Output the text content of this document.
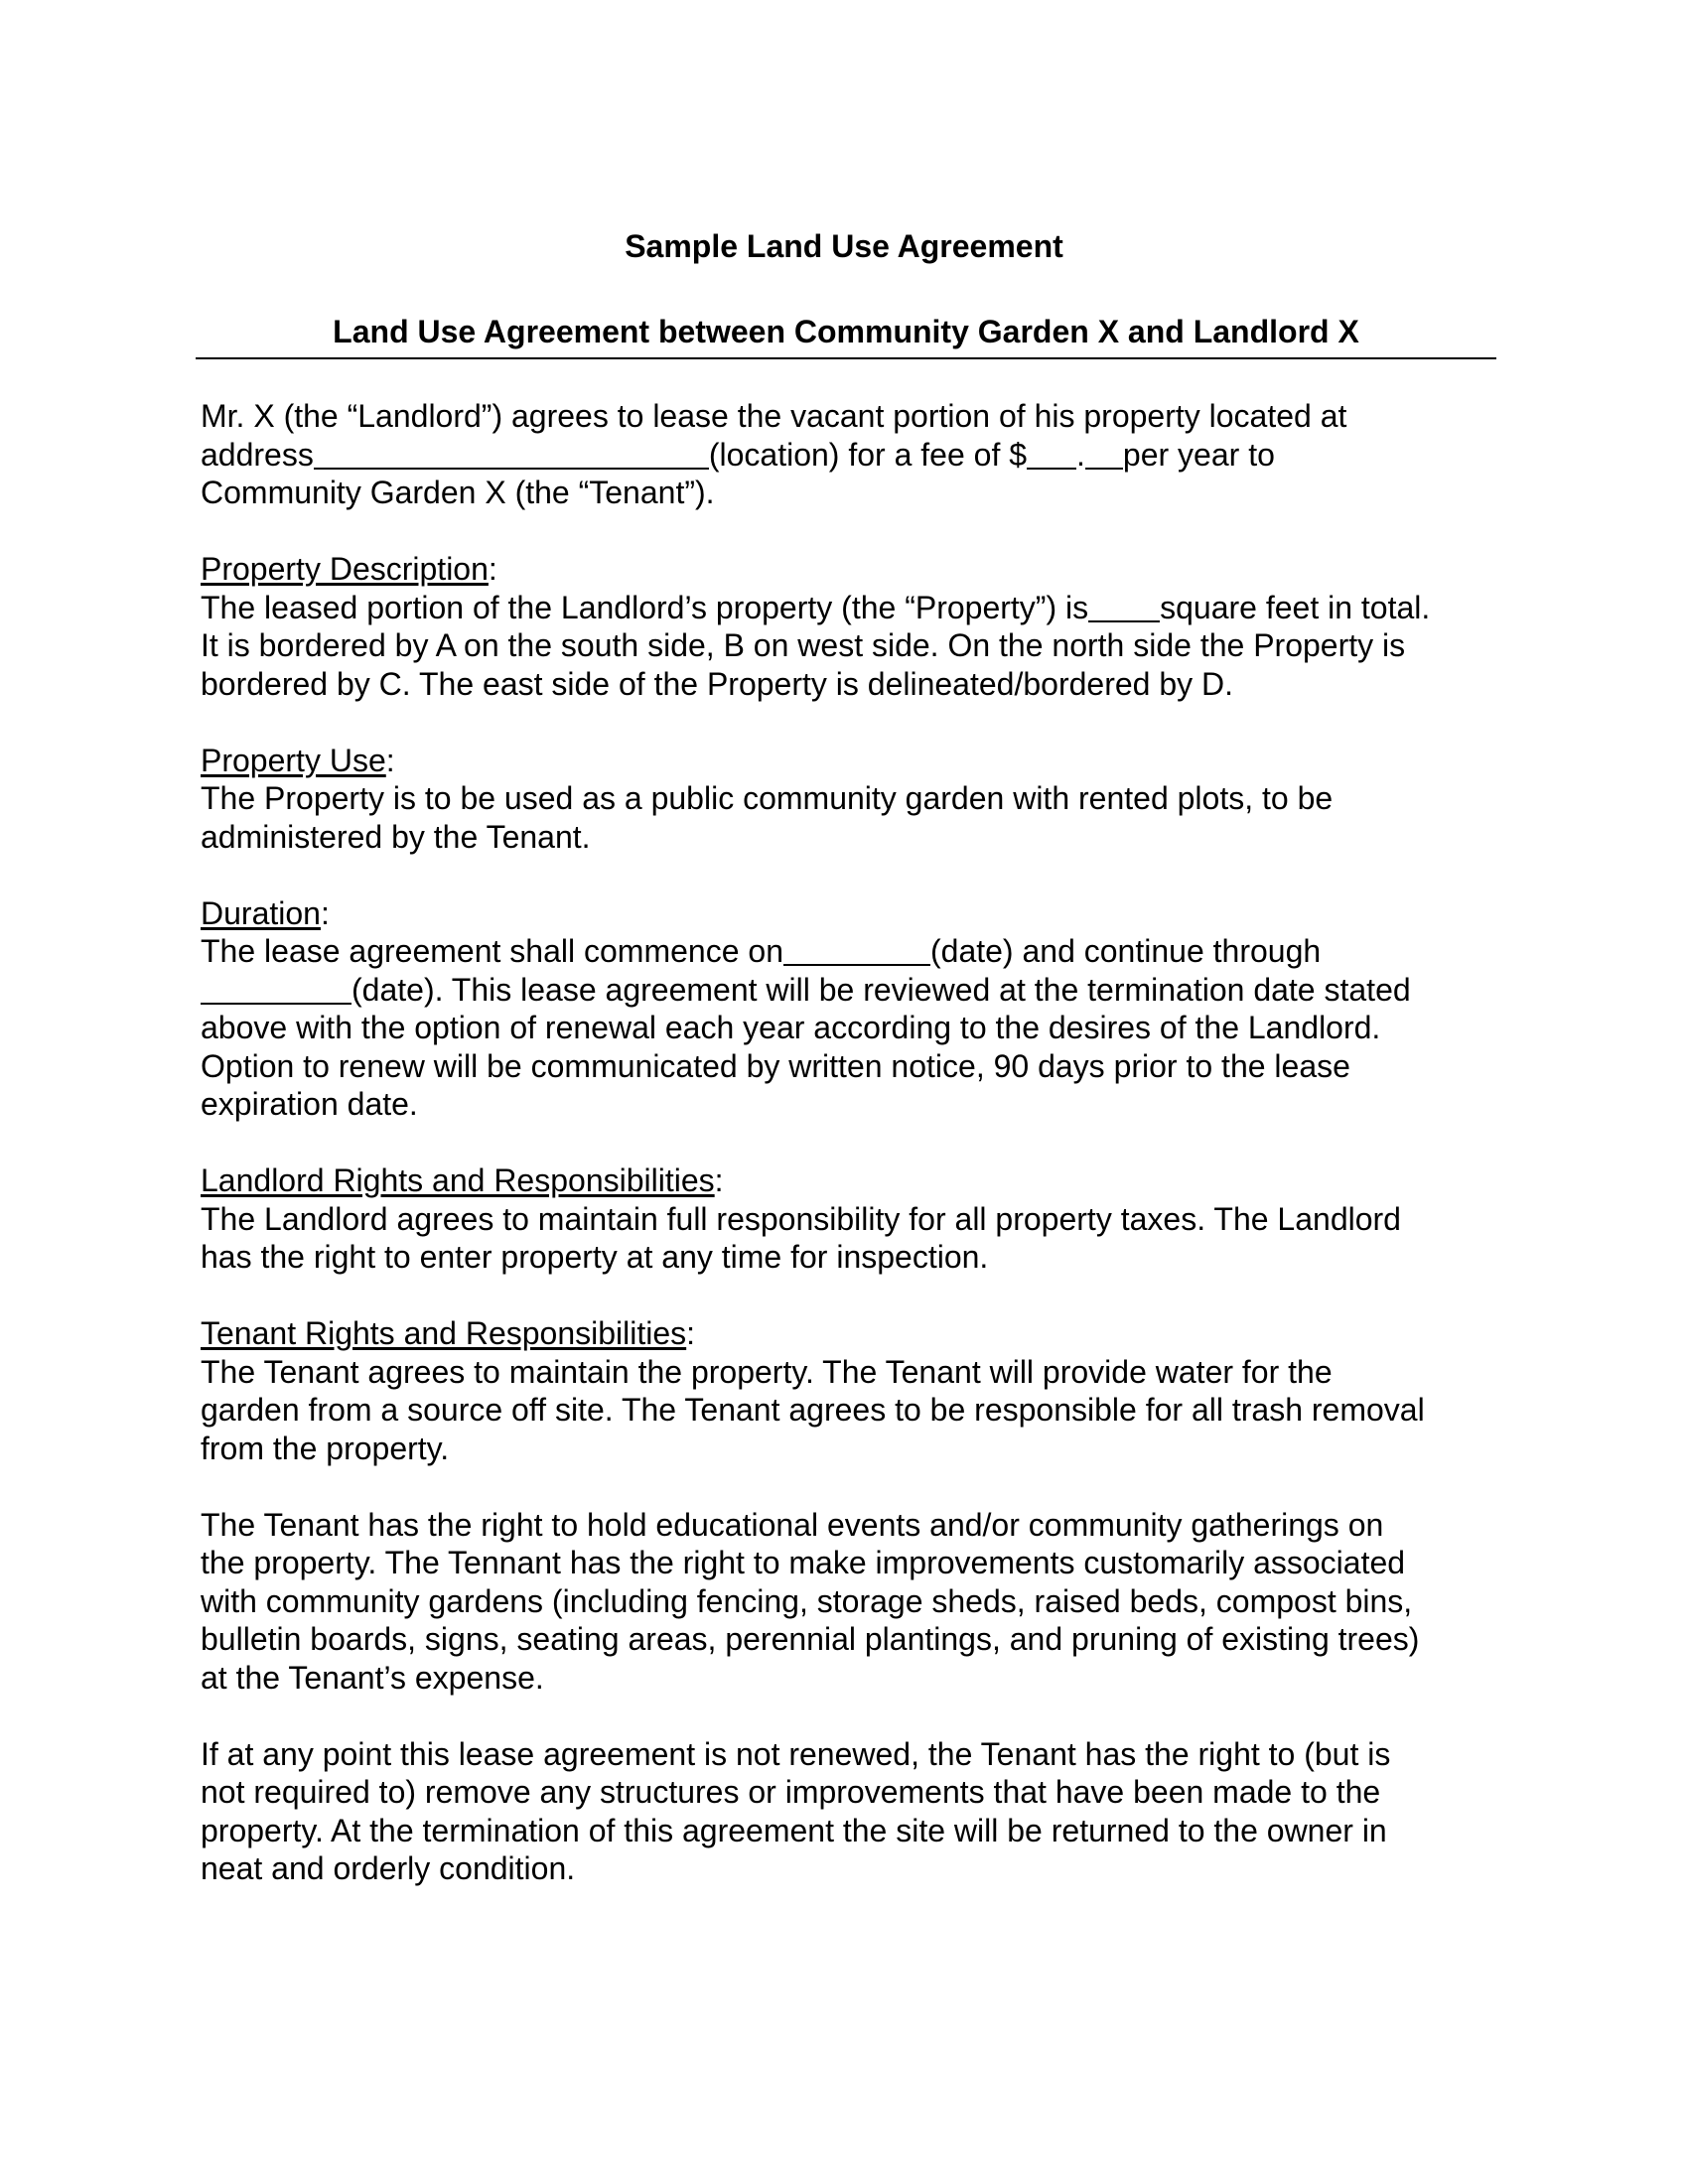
Sample Land Use Agreement
Land Use Agreement between Community Garden X and Landlord X

Mr. X (the “Landlord”) agrees to lease the vacant portion of his property located at
address	(location) for a fee of $ . per year to
Community Garden X (the “Tenant”).

Property Description:
The leased portion of the Landlord’s property (the “Property”) is square feet in total.
It is bordered by A on the south side, B on west side. On the north side the Property is
bordered by C. The east side of the Property is delineated/bordered by D.

Property Use:
The Property is to be used as a public community garden with rented plots, to be
administered by the Tenant.

Duration:
The lease agreement shall commence on	(date) and continue through
(date). This lease agreement will be reviewed at the termination date stated
above with the option of renewal each year according to the desires of the Landlord.
Option to renew will be communicated by written notice, 90 days prior to the lease
expiration date.

Landlord Rights and Responsibilities:
The Landlord agrees to maintain full responsibility for all property taxes. The Landlord
has the right to enter property at any time for inspection.

Tenant Rights and Responsibilities:
The Tenant agrees to maintain the property. The Tenant will provide water for the
garden from a source off site. The Tenant agrees to be responsible for all trash removal
from the property.

The Tenant has the right to hold educational events and/or community gatherings on
the property. The Tennant has the right to make improvements customarily associated
with community gardens (including fencing, storage sheds, raised beds, compost bins,
bulletin boards, signs, seating areas, perennial plantings, and pruning of existing trees)
at the Tenant’s expense.

If at any point this lease agreement is not renewed, the Tenant has the right to (but is
not required to) remove any structures or improvements that have been made to the
property. At the termination of this agreement the site will be returned to the owner in
neat and orderly condition.
